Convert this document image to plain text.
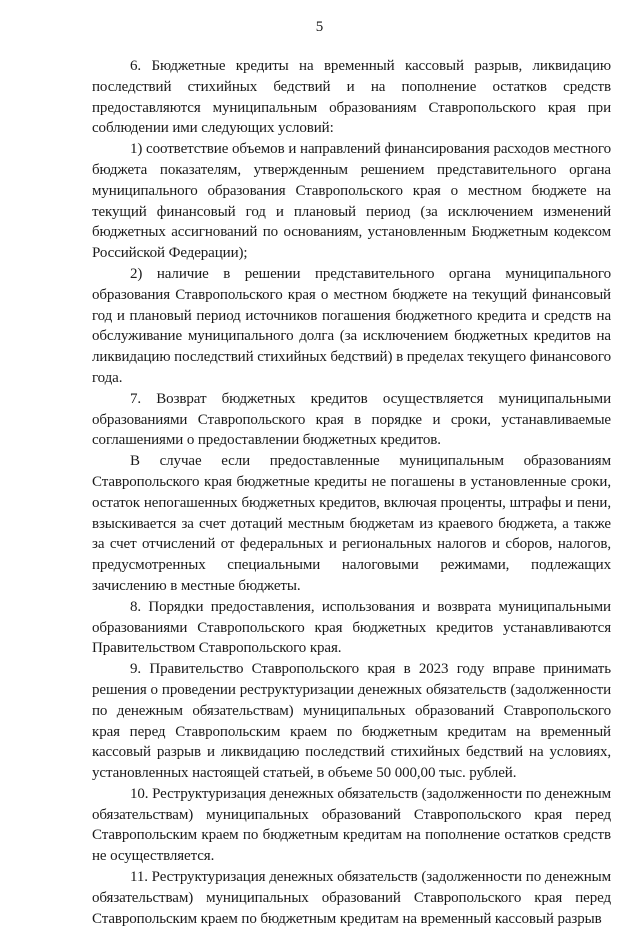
5

6. Бюджетные кредиты на временный кассовый разрыв, ликвидацию последствий стихийных бедствий и на пополнение остатков средств предоставляются муниципальным образованиям Ставропольского края при соблюдении ими следующих условий:

1) соответствие объемов и направлений финансирования расходов местного бюджета показателям, утвержденным решением представительного органа муниципального образования Ставропольского края о местном бюджете на текущий финансовый год и плановый период (за исключением изменений бюджетных ассигнований по основаниям, установленным Бюджетным кодексом Российской Федерации);

2) наличие в решении представительного органа муниципального образования Ставропольского края о местном бюджете на текущий финансовый год и плановый период источников погашения бюджетного кредита и средств на обслуживание муниципального долга (за исключением бюджетных кредитов на ликвидацию последствий стихийных бедствий) в пределах текущего финансового года.

7. Возврат бюджетных кредитов осуществляется муниципальными образованиями Ставропольского края в порядке и сроки, устанавливаемые соглашениями о предоставлении бюджетных кредитов.

В случае если предоставленные муниципальным образованиям Ставропольского края бюджетные кредиты не погашены в установленные сроки, остаток непогашенных бюджетных кредитов, включая проценты, штрафы и пени, взыскивается за счет дотаций местным бюджетам из краевого бюджета, а также за счет отчислений от федеральных и региональных налогов и сборов, налогов, предусмотренных специальными налоговыми режимами, подлежащих зачислению в местные бюджеты.

8. Порядки предоставления, использования и возврата муниципальными образованиями Ставропольского края бюджетных кредитов устанавливаются Правительством Ставропольского края.

9. Правительство Ставропольского края в 2023 году вправе принимать решения о проведении реструктуризации денежных обязательств (задолженности по денежным обязательствам) муниципальных образований Ставропольского края перед Ставропольским краем по бюджетным кредитам на временный кассовый разрыв и ликвидацию последствий стихийных бедствий на условиях, установленных настоящей статьей, в объеме 50 000,00 тыс. рублей.

10. Реструктуризация денежных обязательств (задолженности по денежным обязательствам) муниципальных образований Ставропольского края перед Ставропольским краем по бюджетным кредитам на пополнение остатков средств не осуществляется.

11. Реструктуризация денежных обязательств (задолженности по денежным обязательствам) муниципальных образований Ставропольского края перед Ставропольским краем по бюджетным кредитам на временный кассовый разрыв
